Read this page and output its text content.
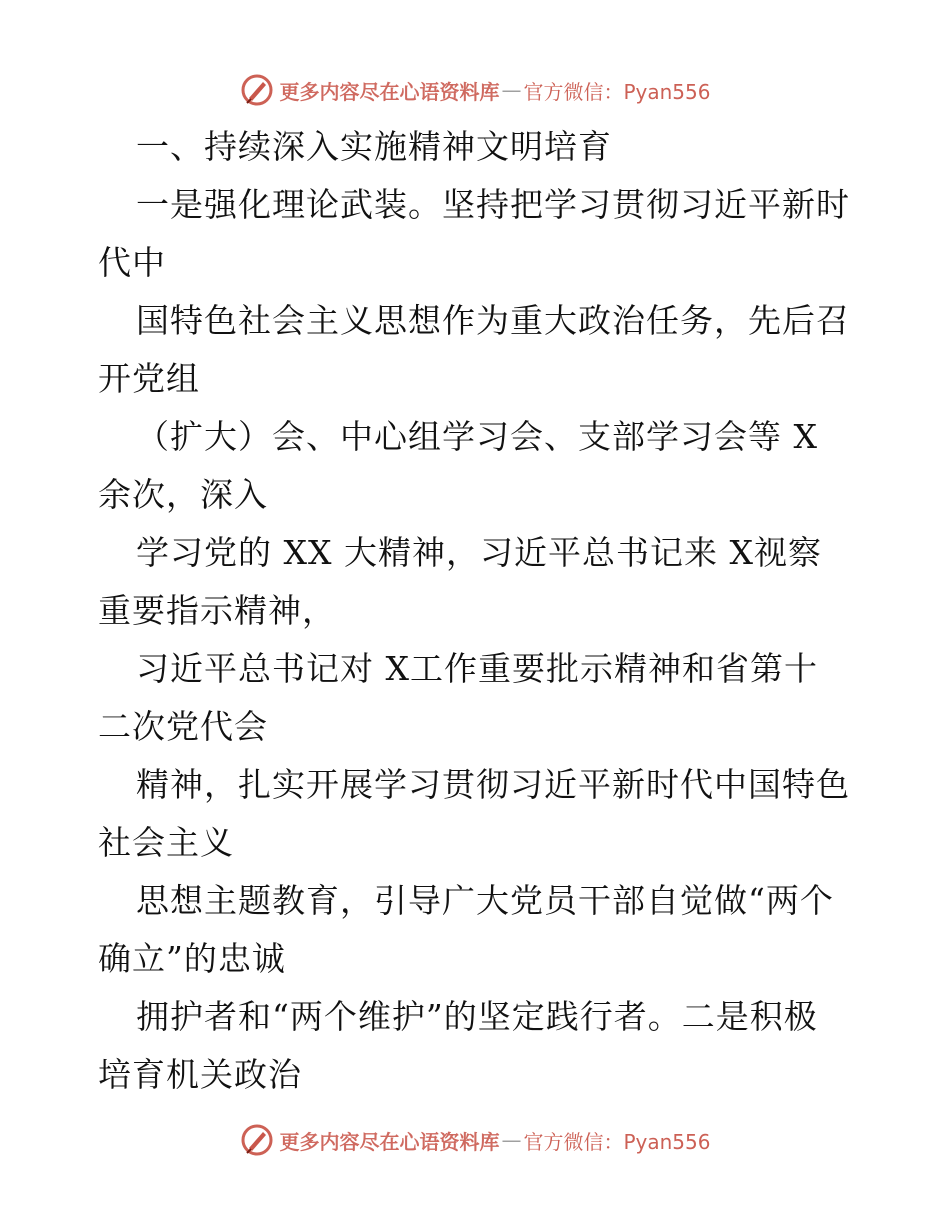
更多内容尽在心语资料库 — 官方微信：Pyan556
一、持续深入实施精神文明培育
一是强化理论武装。坚持把学习贯彻习近平新时
代中
国特色社会主义思想作为重大政治任务，先后召
开党组
（扩大）会、中心组学习会、支部学习会等 X
余次，深入
学习党的 XX 大精神，习近平总书记来 X视察
重要指示精神，
习近平总书记对 X工作重要批示精神和省第十
二次党代会
精神，扎实开展学习贯彻习近平新时代中国特色
社会主义
思想主题教育，引导广大党员干部自觉做“两个
确立”的忠诚
拥护者和“两个维护”的坚定践行者。二是积极
培育机关政治
更多内容尽在心语资料库 — 官方微信：Pyan556
